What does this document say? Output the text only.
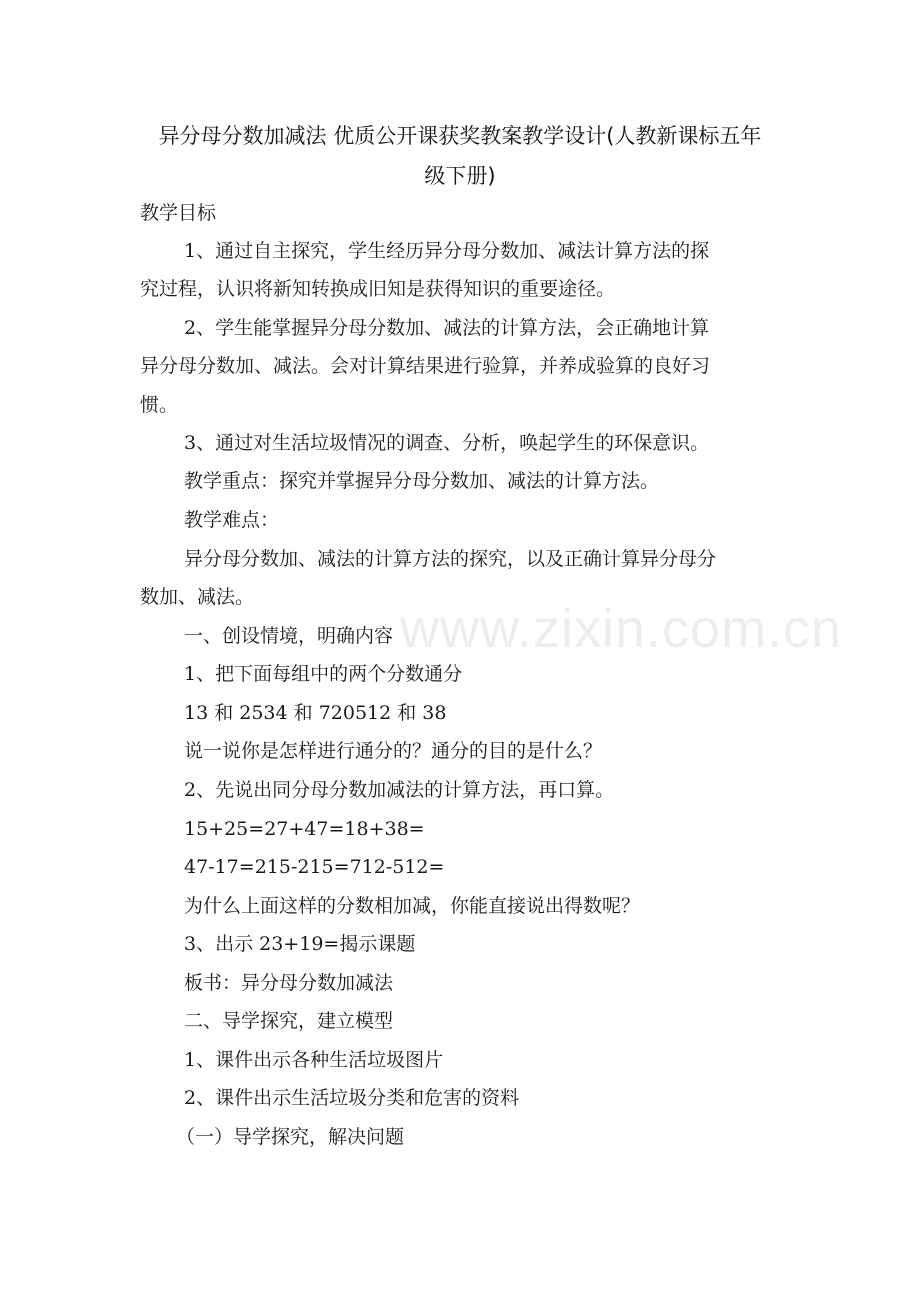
异分母分数加减法 优质公开课获奖教案教学设计(人教新课标五年
级下册)
教学目标
1、通过自主探究，学生经历异分母分数加、减法计算方法的探
究过程，认识将新知转换成旧知是获得知识的重要途径。
2、学生能掌握异分母分数加、减法的计算方法，会正确地计算
异分母分数加、减法。会对计算结果进行验算，并养成验算的良好习
惯。
3、通过对生活垃圾情况的调查、分析，唤起学生的环保意识。
教学重点：探究并掌握异分母分数加、减法的计算方法。
教学难点：
异分母分数加、减法的计算方法的探究，以及正确计算异分母分
数加、减法。
一、创设情境，明确内容
1、把下面每组中的两个分数通分
13 和 2534 和 720512 和 38
说一说你是怎样进行通分的？通分的目的是什么？
2、先说出同分母分数加减法的计算方法，再口算。
15+25=27+47=18+38=
47-17=215-215=712-512=
为什么上面这样的分数相加减，你能直接说出得数呢？
3、出示 23+19=揭示课题
板书：异分母分数加减法
二、导学探究，建立模型
1、课件出示各种生活垃圾图片
2、课件出示生活垃圾分类和危害的资料
（一）导学探究，解决问题
www.zixin.com.cn
